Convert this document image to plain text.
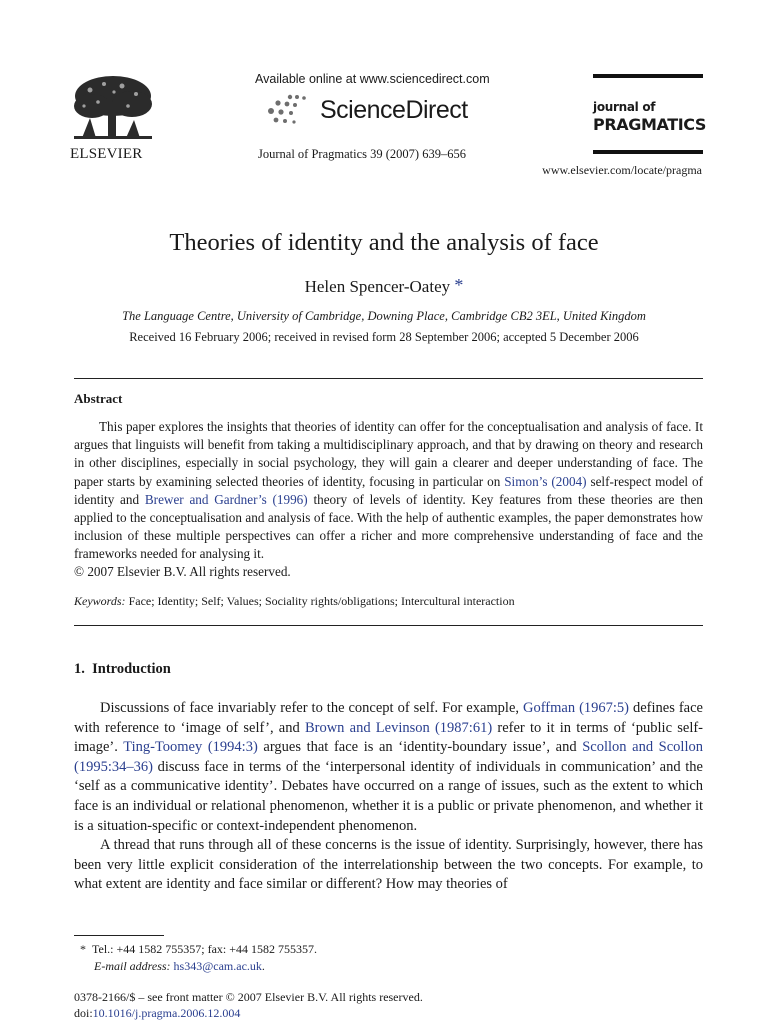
ELSEVIER
Available online at www.sciencedirect.com
ScienceDirect
Journal of Pragmatics 39 (2007) 639–656
journal of
PRAGMATICS
www.elsevier.com/locate/pragma
Theories of identity and the analysis of face
Helen Spencer-Oatey *
The Language Centre, University of Cambridge, Downing Place, Cambridge CB2 3EL, United Kingdom
Received 16 February 2006; received in revised form 28 September 2006; accepted 5 December 2006
Abstract
This paper explores the insights that theories of identity can offer for the conceptualisation and analysis of face. It argues that linguists will benefit from taking a multidisciplinary approach, and that by drawing on theory and research in other disciplines, especially in social psychology, they will gain a clearer and deeper understanding of face. The paper starts by examining selected theories of identity, focusing in particular on Simon’s (2004) self-respect model of identity and Brewer and Gardner’s (1996) theory of levels of identity. Key features from these theories are then applied to the conceptualisation and analysis of face. With the help of authentic examples, the paper demonstrates how inclusion of these multiple perspectives can offer a richer and more comprehensive understanding of face and the frameworks needed for analysing it.
© 2007 Elsevier B.V. All rights reserved.
Keywords: Face; Identity; Self; Values; Sociality rights/obligations; Intercultural interaction
1.  Introduction

Discussions of face invariably refer to the concept of self. For example, Goffman (1967:5) defines face with reference to ‘image of self’, and Brown and Levinson (1987:61) refer to it in terms of ‘public self-image’. Ting-Toomey (1994:3) argues that face is an ‘identity-boundary issue’, and Scollon and Scollon (1995:34–36) discuss face in terms of the ‘interpersonal identity of individuals in communication’ and the ‘self as a communicative identity’. Debates have occurred on a range of issues, such as the extent to which face is an individual or relational phenomenon, whether it is a public or private phenomenon, and whether it is a situation-specific or context-independent phenomenon.

A thread that runs through all of these concerns is the issue of identity. Surprisingly, however, there has been very little explicit consideration of the interrelationship between the two concepts. For example, to what extent are identity and face similar or different? How may theories of

* Tel.: +44 1582 755357; fax: +44 1582 755357.
E-mail address: hs343@cam.ac.uk.
0378-2166/$ – see front matter © 2007 Elsevier B.V. All rights reserved.
doi:10.1016/j.pragma.2006.12.004
